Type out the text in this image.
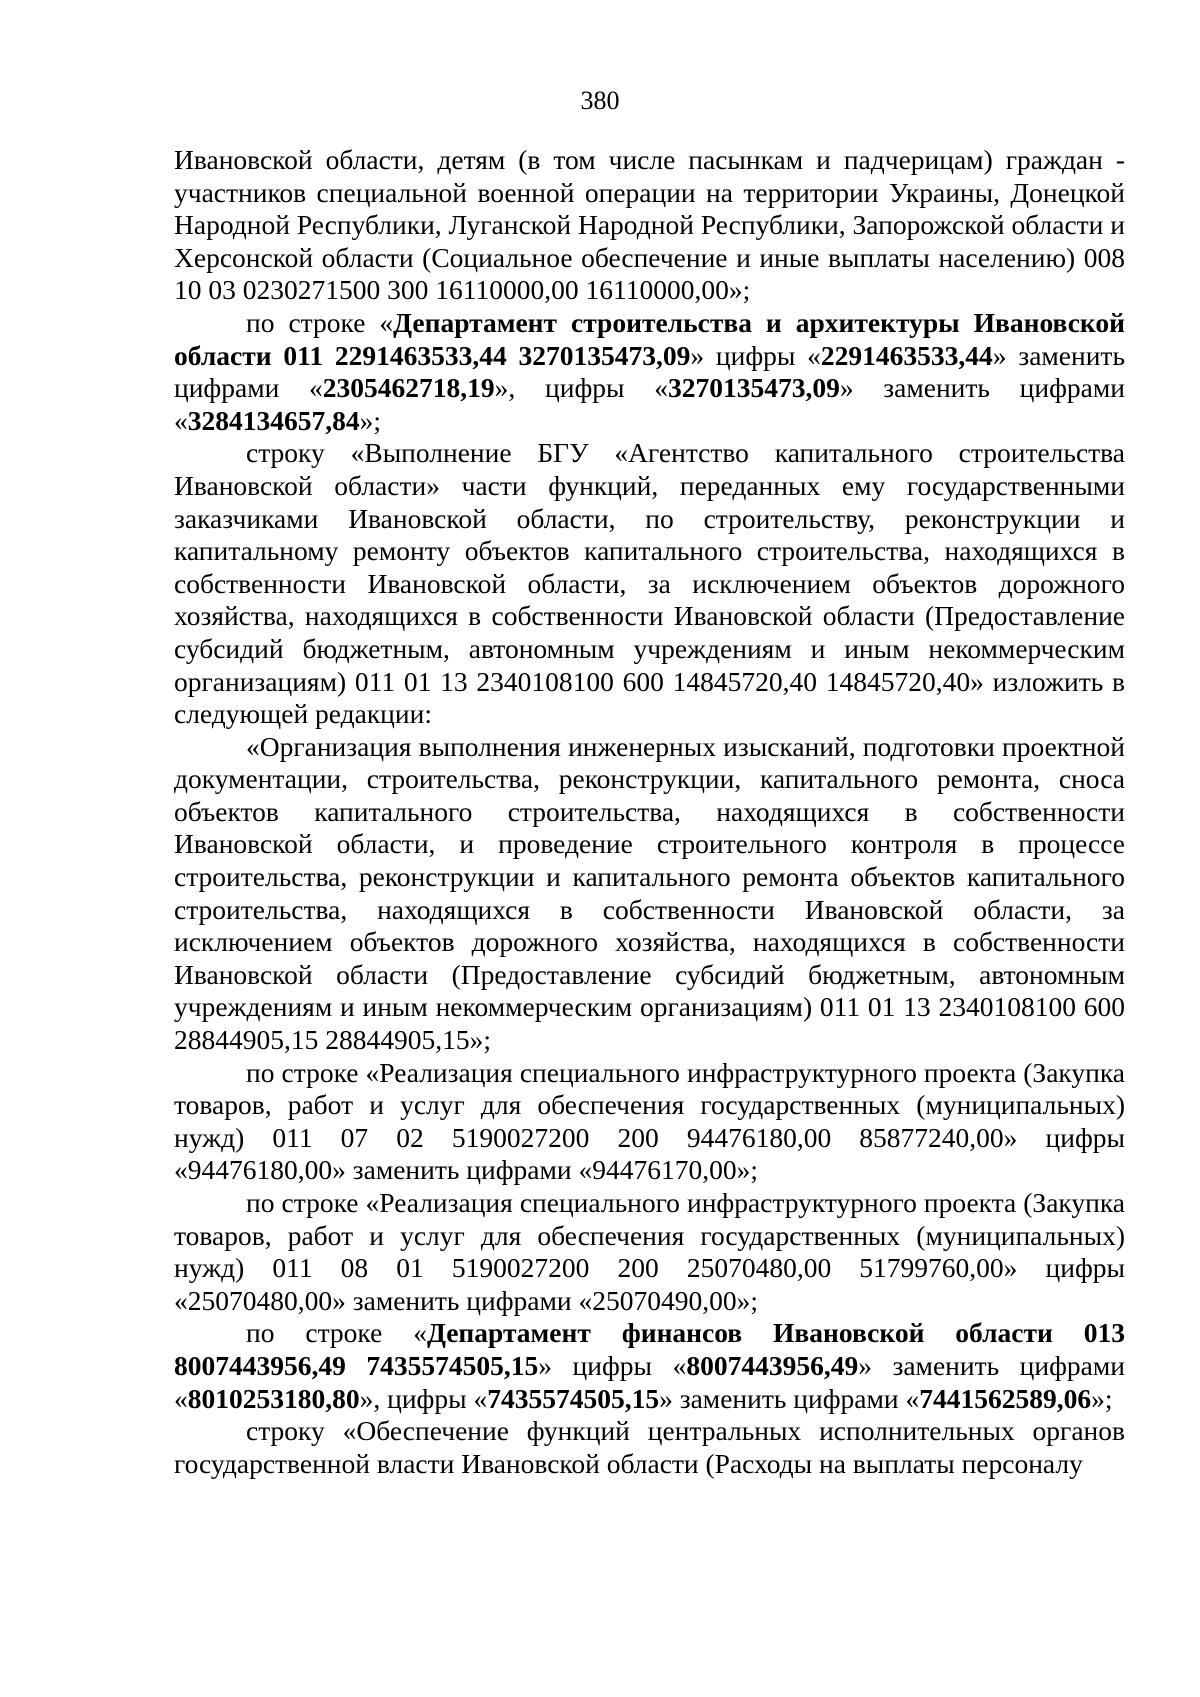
380

Ивановской области, детям (в том числе пасынкам и падчерицам) граждан - участников специальной военной операции на территории Украины, Донецкой Народной Республики, Луганской Народной Республики, Запорожской области и Херсонской области (Социальное обеспечение и иные выплаты населению) 008 10 03 0230271500 300 16110000,00 16110000,00»;

по строке «Департамент строительства и архитектуры Ивановской области 011 2291463533,44 3270135473,09» цифры «2291463533,44» заменить цифрами «2305462718,19», цифры «3270135473,09» заменить цифрами «3284134657,84»;

строку «Выполнение БГУ «Агентство капитального строительства Ивановской области» части функций, переданных ему государственными заказчиками Ивановской области, по строительству, реконструкции и капитальному ремонту объектов капитального строительства, находящихся в собственности Ивановской области, за исключением объектов дорожного хозяйства, находящихся в собственности Ивановской области (Предоставление субсидий бюджетным, автономным учреждениям и иным некоммерческим организациям) 011 01 13 2340108100 600 14845720,40 14845720,40» изложить в следующей редакции:

«Организация выполнения инженерных изысканий, подготовки проектной документации, строительства, реконструкции, капитального ремонта, сноса объектов капитального строительства, находящихся в собственности Ивановской области, и проведение строительного контроля в процессе строительства, реконструкции и капитального ремонта объектов капитального строительства, находящихся в собственности Ивановской области, за исключением объектов дорожного хозяйства, находящихся в собственности Ивановской области (Предоставление субсидий бюджетным, автономным учреждениям и иным некоммерческим организациям) 011 01 13 2340108100 600 28844905,15 28844905,15»;

по строке «Реализация специального инфраструктурного проекта (Закупка товаров, работ и услуг для обеспечения государственных (муниципальных) нужд) 011 07 02 5190027200 200 94476180,00 85877240,00» цифры «94476180,00» заменить цифрами «94476170,00»;

по строке «Реализация специального инфраструктурного проекта (Закупка товаров, работ и услуг для обеспечения государственных (муниципальных) нужд) 011 08 01 5190027200 200 25070480,00 51799760,00» цифры «25070480,00» заменить цифрами «25070490,00»;

по строке «Департамент финансов Ивановской области 013 8007443956,49 7435574505,15» цифры «8007443956,49» заменить цифрами «8010253180,80», цифры «7435574505,15» заменить цифрами «7441562589,06»;

строку «Обеспечение функций центральных исполнительных органов государственной власти Ивановской области (Расходы на выплаты персоналу
